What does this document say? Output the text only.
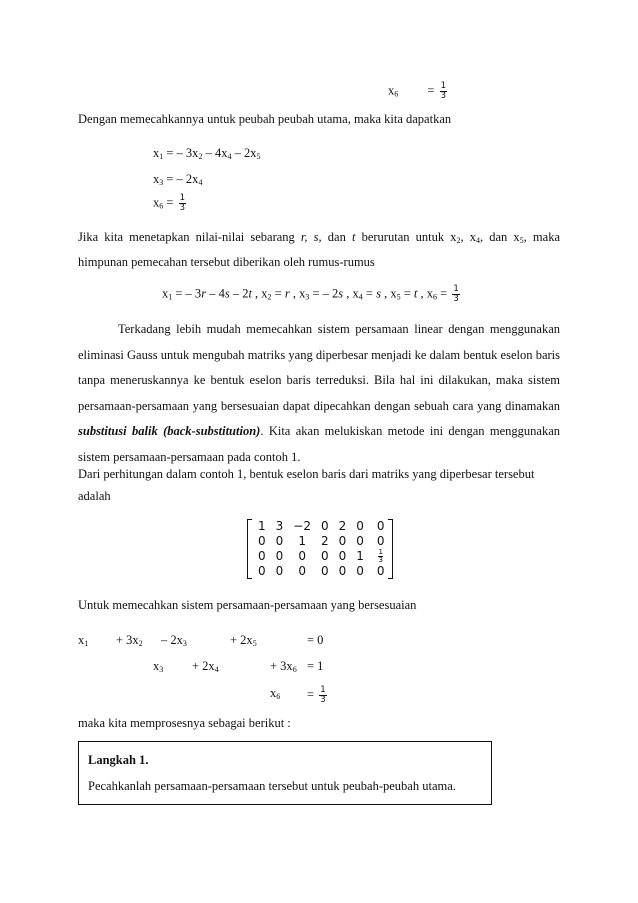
$x_6 = \frac{1}{3}$
Dengan memecahkannya untuk peubah peubah utama, maka kita dapatkan
$x_1$ = – $3x_2 - 4x_4 - 2x_5$
$x_3$ = – $2x_4$
$x_6 = \frac{1}{3}$
Jika kita menetapkan nilai-nilai sebarang r, s, dan t berurutan untuk $x_2$, $x_4$, dan $x_5$, maka
himpunan pemecahan tersebut diberikan oleh rumus-rumus
$x_1$ = – 3r – 4s – 2t , $x_2 = r$ , $x_3$ = – 2s , $x_4 = s$ , $x_5 = t$ , $x_6 = \frac{1}{3}$

Terkadang lebih mudah memecahkan sistem persamaan linear dengan menggunakan eliminasi Gauss untuk mengubah matriks yang diperbesar menjadi ke dalam bentuk eselon baris tanpa meneruskannya ke bentuk eselon baris terreduksi. Bila hal ini dilakukan, maka sistem persamaan-persamaan yang bersesuaian dapat dipecahkan dengan sebuah cara yang dinamakan substitusi balik (back-substitution). Kita akan melukiskan metode ini dengan menggunakan sistem persamaan-persamaan pada contoh 1.

Dari perhitungan dalam contoh 1, bentuk eselon baris dari matriks yang diperbesar tersebut
adalah
1	3	−2	0	2	0	0
0	0	1	2	0	0	0
0	0	0	0	0	1	$\frac{1}{3}$
0	0	0	0	0	0	0
Untuk memecahkan sistem persamaan-persamaan yang bersesuaian
$x_1 + 3x_2 - 2x_3$	+ $2x_5$	= 0
$x_3 + 2x_4$	+ $3x_6 = 1$
$x_6 = \frac{1}{3}$
maka kita memprosesnya sebagai berikut :
Langkah 1.
Pecahkanlah persamaan-persamaan tersebut untuk peubah-peubah utama.
